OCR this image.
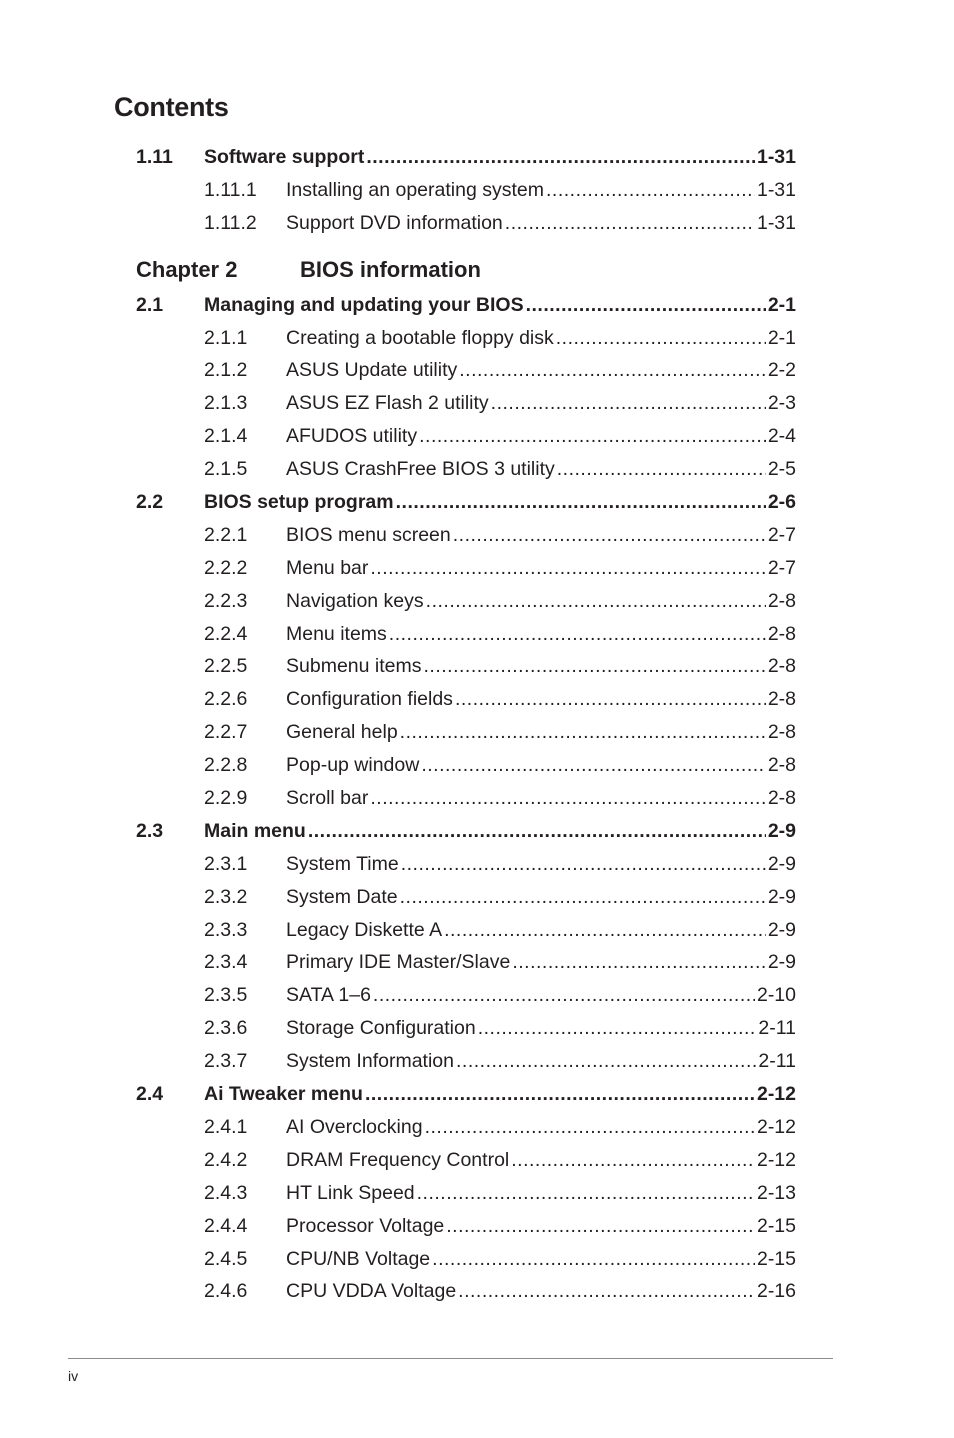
Contents
1.11 Software support .....	1-31
1.11.1 Installing an operating system .....	1-31
1.11.2 Support DVD information .....	1-31
Chapter 2	BIOS information
2.1 Managing and updating your BIOS .....	2-1
2.1.1 Creating a bootable floppy disk .....	2-1
2.1.2 ASUS Update utility .....	2-2
2.1.3 ASUS EZ Flash 2 utility .....	2-3
2.1.4 AFUDOS utility .....	2-4
2.1.5 ASUS CrashFree BIOS 3 utility .....	2-5
2.2 BIOS setup program .....	2-6
2.2.1 BIOS menu screen .....	2-7
2.2.2 Menu bar .....	2-7
2.2.3 Navigation keys .....	2-8
2.2.4 Menu items .....	2-8
2.2.5 Submenu items .....	2-8
2.2.6 Configuration fields .....	2-8
2.2.7 General help .....	2-8
2.2.8 Pop-up window .....	2-8
2.2.9 Scroll bar .....	2-8
2.3 Main menu .....	2-9
2.3.1 System Time .....	2-9
2.3.2 System Date .....	2-9
2.3.3 Legacy Diskette A .....	2-9
2.3.4 Primary IDE Master/Slave .....	2-9
2.3.5 SATA 1–6 .....	2-10
2.3.6 Storage Configuration .....	2-11
2.3.7 System Information .....	2-11
2.4 Ai Tweaker menu .....	2-12
2.4.1 AI Overclocking .....	2-12
2.4.2 DRAM Frequency Control .....	2-12
2.4.3 HT Link Speed .....	2-13
2.4.4 Processor Voltage .....	2-15
2.4.5 CPU/NB Voltage .....	2-15
2.4.6 CPU VDDA Voltage .....	2-16
iv
